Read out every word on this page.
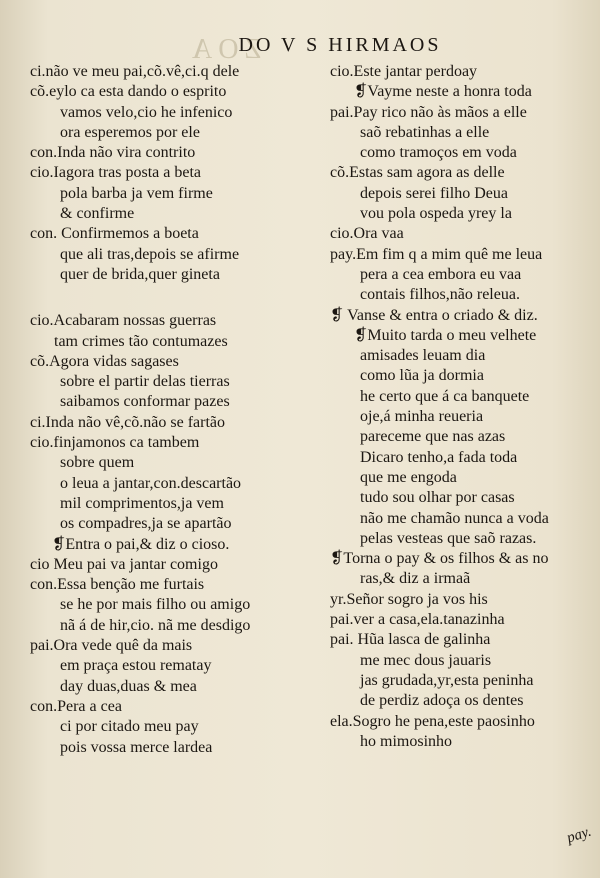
ZOA
DO V S HIRMAOS
ci.não ve meu pai,cõ.vê,ci.q dele
cõ.eylo ca esta dando o esprito
vamos velo,cio he infenico
ora esperemos por ele
con.Inda não vira contrito
cio.Iagora tras posta a beta
pola barba ja vem firme
& confirme
con. Confirmemos a boeta
que ali tras,depois se afirme
quer de brida,quer gineta
cio.Acabaram nossas guerras
tam crimes tão contumazes
cõ.Agora vidas sagases
sobre el partir delas tierras
saibamos conformar pazes
ci.Inda não vê,cõ.não se fartão
cio.finjamonos ca tambem
sobre quem
o leua a jantar,con.descartão
mil comprimentos,ja vem
os compadres,ja se apartão
❡Entra o pai,& diz o cioso.
cio Meu pai va jantar comigo
con.Essa benção me furtais
se he por mais filho ou amigo
nã á de hir,cio. nã me desdigo
pai.Ora vede quê da mais
em praça estou rematay
day duas,duas & mea
con.Pera a cea
ci por citado meu pay
pois vossa merce lardea
cio.Este jantar perdoay
❡Vayme neste a honra toda
pai.Pay rico não às mãos a elle
saõ rebatinhas a elle
como tramoços em voda
cõ.Estas sam agora as delle
depois serei filho Deua
vou pola ospeda yrey la
cio.Ora vaa
pay.Em fim q a mim quê me leua
pera a cea embora eu vaa
contais filhos,não releua.
❡ Vanse & entra o criado & diz.
❡Muito tarda o meu velhete
amisades leuam dia
como lũa ja dormia
he certo que á ca banquete
oje,á minha reueria
pareceme que nas azas
Dicaro tenho,a fada toda
que me engoda
tudo sou olhar por casas
não me chamão nunca a voda
pelas vesteas que saõ razas.
❡Torna o pay & os filhos & as no
ras,& diz a irmaã
yr.Señor sogro ja vos his
pai.ver a casa,ela.tanazinha
pai. Hũa lasca de galinha
me mec dous jauaris
jas grudada,yr,esta peninha
de perdiz adoça os dentes
ela.Sogro he pena,este paosinho
ho mimosinho
pay.
